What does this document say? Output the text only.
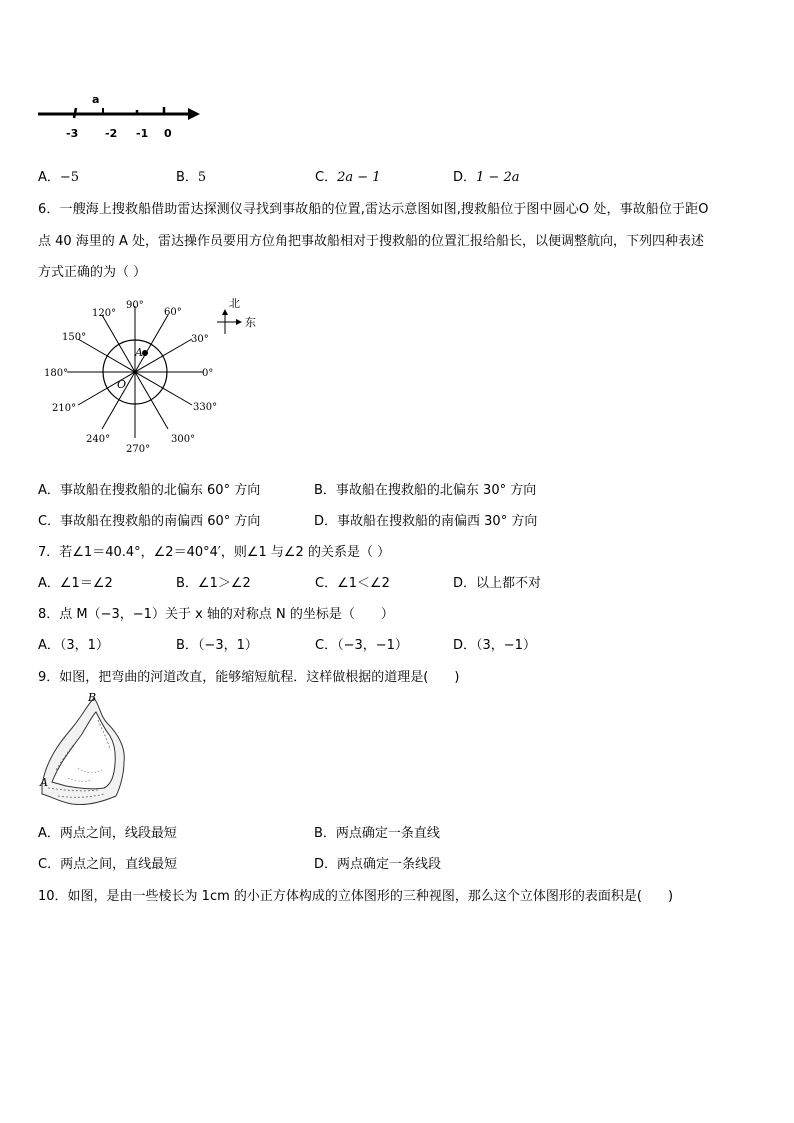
a
-3 -2 -1 0
A．−5	B．5	C．2a − 1	D．1 − 2a
6．一艘海上搜救船借助雷达探测仪寻找到事故船的位置,雷达示意图如图,搜救船位于图中圆心O 处，事故船位于距O
点 40 海里的 A 处，雷达操作员要用方位角把事故船相对于搜救船的位置汇报给船长，以便调整航向，下列四种表述
方式正确的为（ ）
A
O
0°
30°
60°
90°
120°
150°
180°
210°
240°
270°
300°
330°
北
东
A．事故船在搜救船的北偏东 60° 方向	B．事故船在搜救船的北偏东 30° 方向
C．事故船在搜救船的南偏西 60° 方向	D．事故船在搜救船的南偏西 30° 方向
7．若∠1＝40.4°，∠2＝40°4′，则∠1 与∠2 的关系是（ ）
A．∠1＝∠2	B．∠1＞∠2	C．∠1＜∠2	D．以上都不对
8．点 M（−3，−1）关于 x 轴的对称点 N 的坐标是（　　）
A．（3，1）	B．（−3，1）	C．（−3，−1）	D．（3，−1）
9．如图，把弯曲的河道改直，能够缩短航程．这样做根据的道理是(　　)
B
A
A．两点之间，线段最短	B．两点确定一条直线
C．两点之间，直线最短	D．两点确定一条线段
10．如图，是由一些棱长为 1cm 的小正方体构成的立体图形的三种视图，那么这个立体图形的表面积是(　　)
